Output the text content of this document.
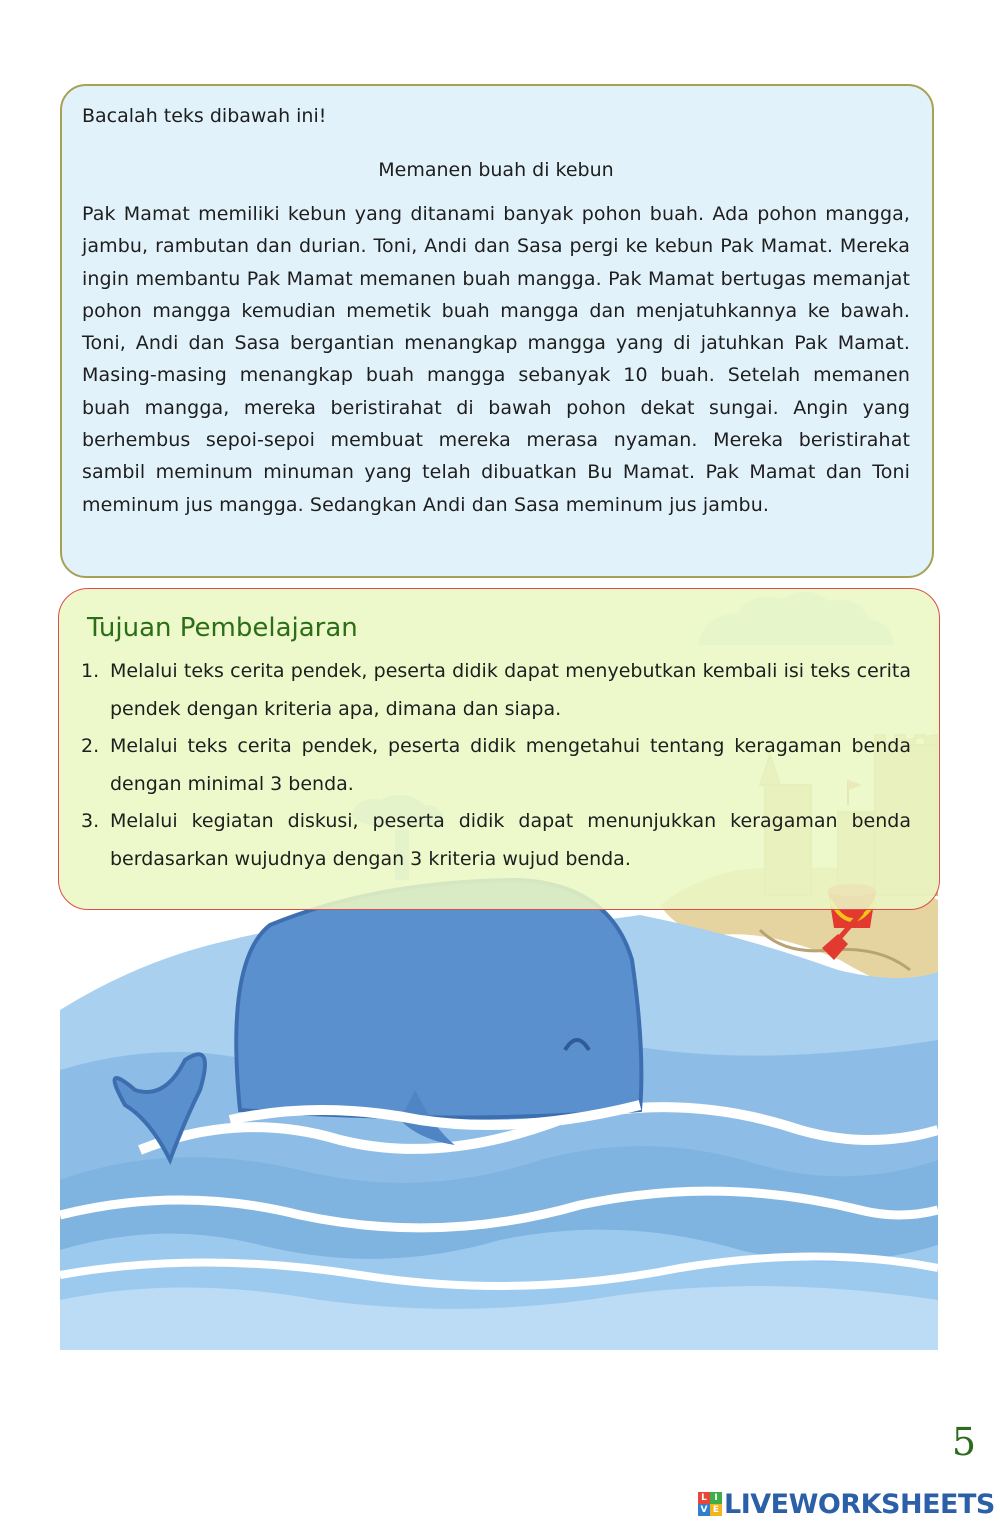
Bacalah teks dibawah ini!

Memanen buah di kebun

Pak Mamat memiliki kebun yang ditanami banyak pohon buah. Ada pohon mangga, jambu, rambutan dan durian. Toni, Andi dan Sasa pergi ke kebun Pak Mamat. Mereka ingin membantu Pak Mamat memanen buah mangga. Pak Mamat bertugas memanjat pohon mangga kemudian memetik buah mangga dan menjatuhkannya ke bawah. Toni, Andi dan Sasa bergantian menangkap mangga yang di jatuhkan Pak Mamat. Masing-masing menangkap buah mangga sebanyak 10 buah. Setelah memanen buah mangga, mereka beristirahat di bawah pohon dekat sungai. Angin yang berhembus sepoi-sepoi membuat mereka merasa nyaman. Mereka beristirahat sambil meminum minuman yang telah dibuatkan Bu Mamat. Pak Mamat dan Toni meminum jus mangga. Sedangkan Andi dan Sasa meminum jus jambu.

Tujuan Pembelajaran
1. Melalui teks cerita pendek, peserta didik dapat menyebutkan kembali isi teks cerita pendek dengan kriteria apa, dimana dan siapa.
2. Melalui teks cerita pendek, peserta didik mengetahui tentang keragaman benda dengan minimal 3 benda.
3. Melalui kegiatan diskusi, peserta didik dapat menunjukkan keragaman benda berdasarkan wujudnya dengan 3 kriteria wujud benda.
5
L I
V E LIVEWORKSHEETS
